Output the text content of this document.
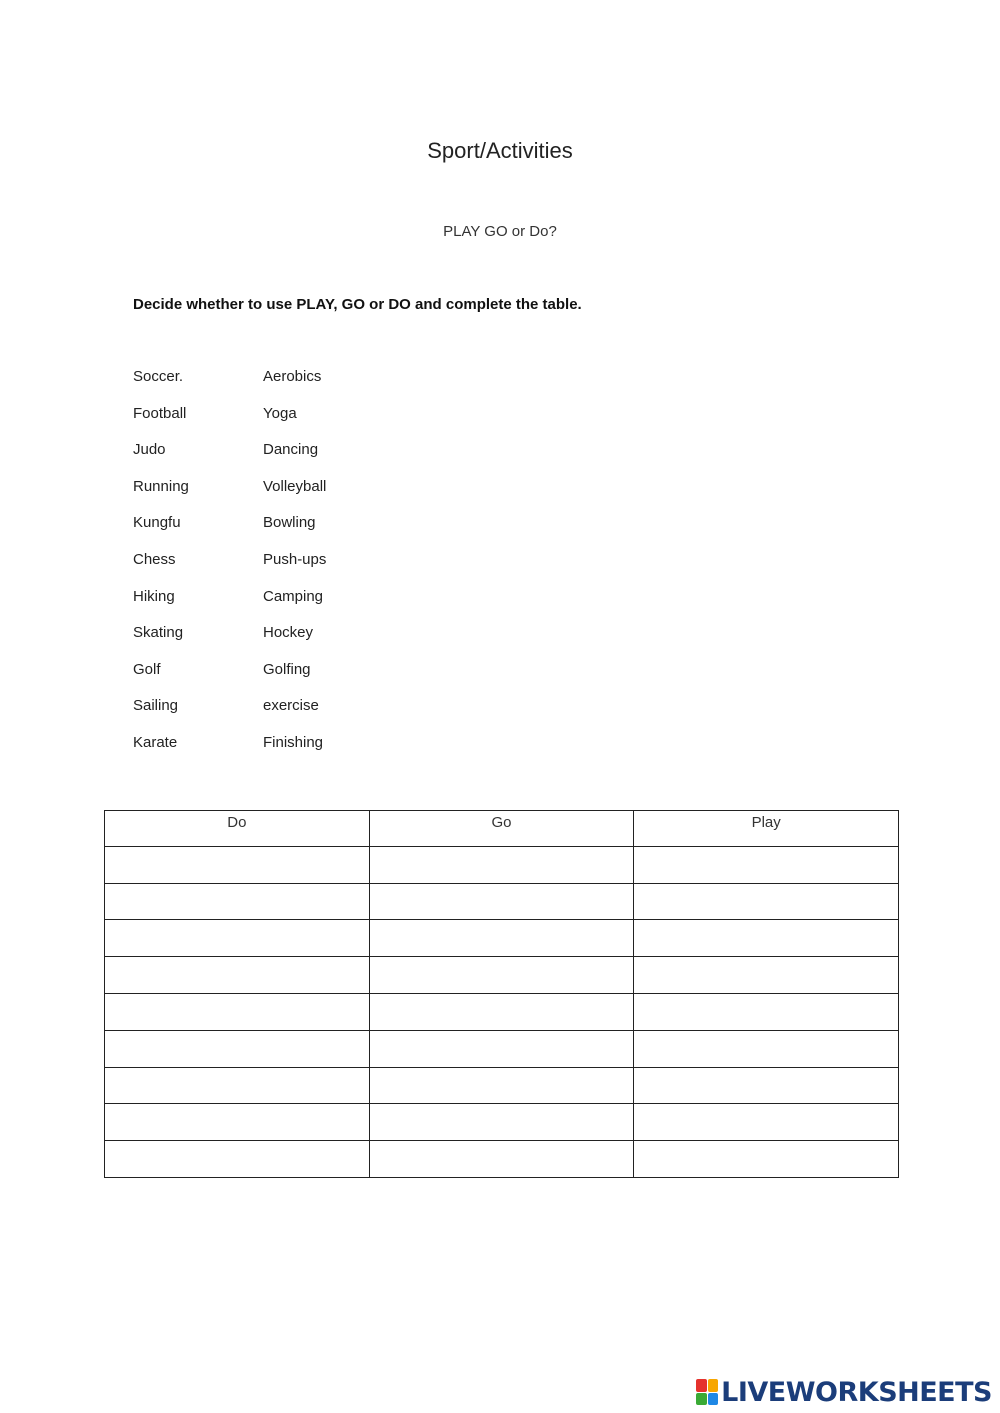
Sport/Activities
PLAY GO or Do?
Decide whether to use PLAY, GO or DO and complete the table.
Soccer.	Aerobics
Football	Yoga
Judo	Dancing
Running	Volleyball
Kungfu	Bowling
Chess	Push-ups
Hiking	Camping
Skating	Hockey
Golf	Golfing
Sailing	exercise
Karate	Finishing
Do	Go	Play

LIVEWORKSHEETS
